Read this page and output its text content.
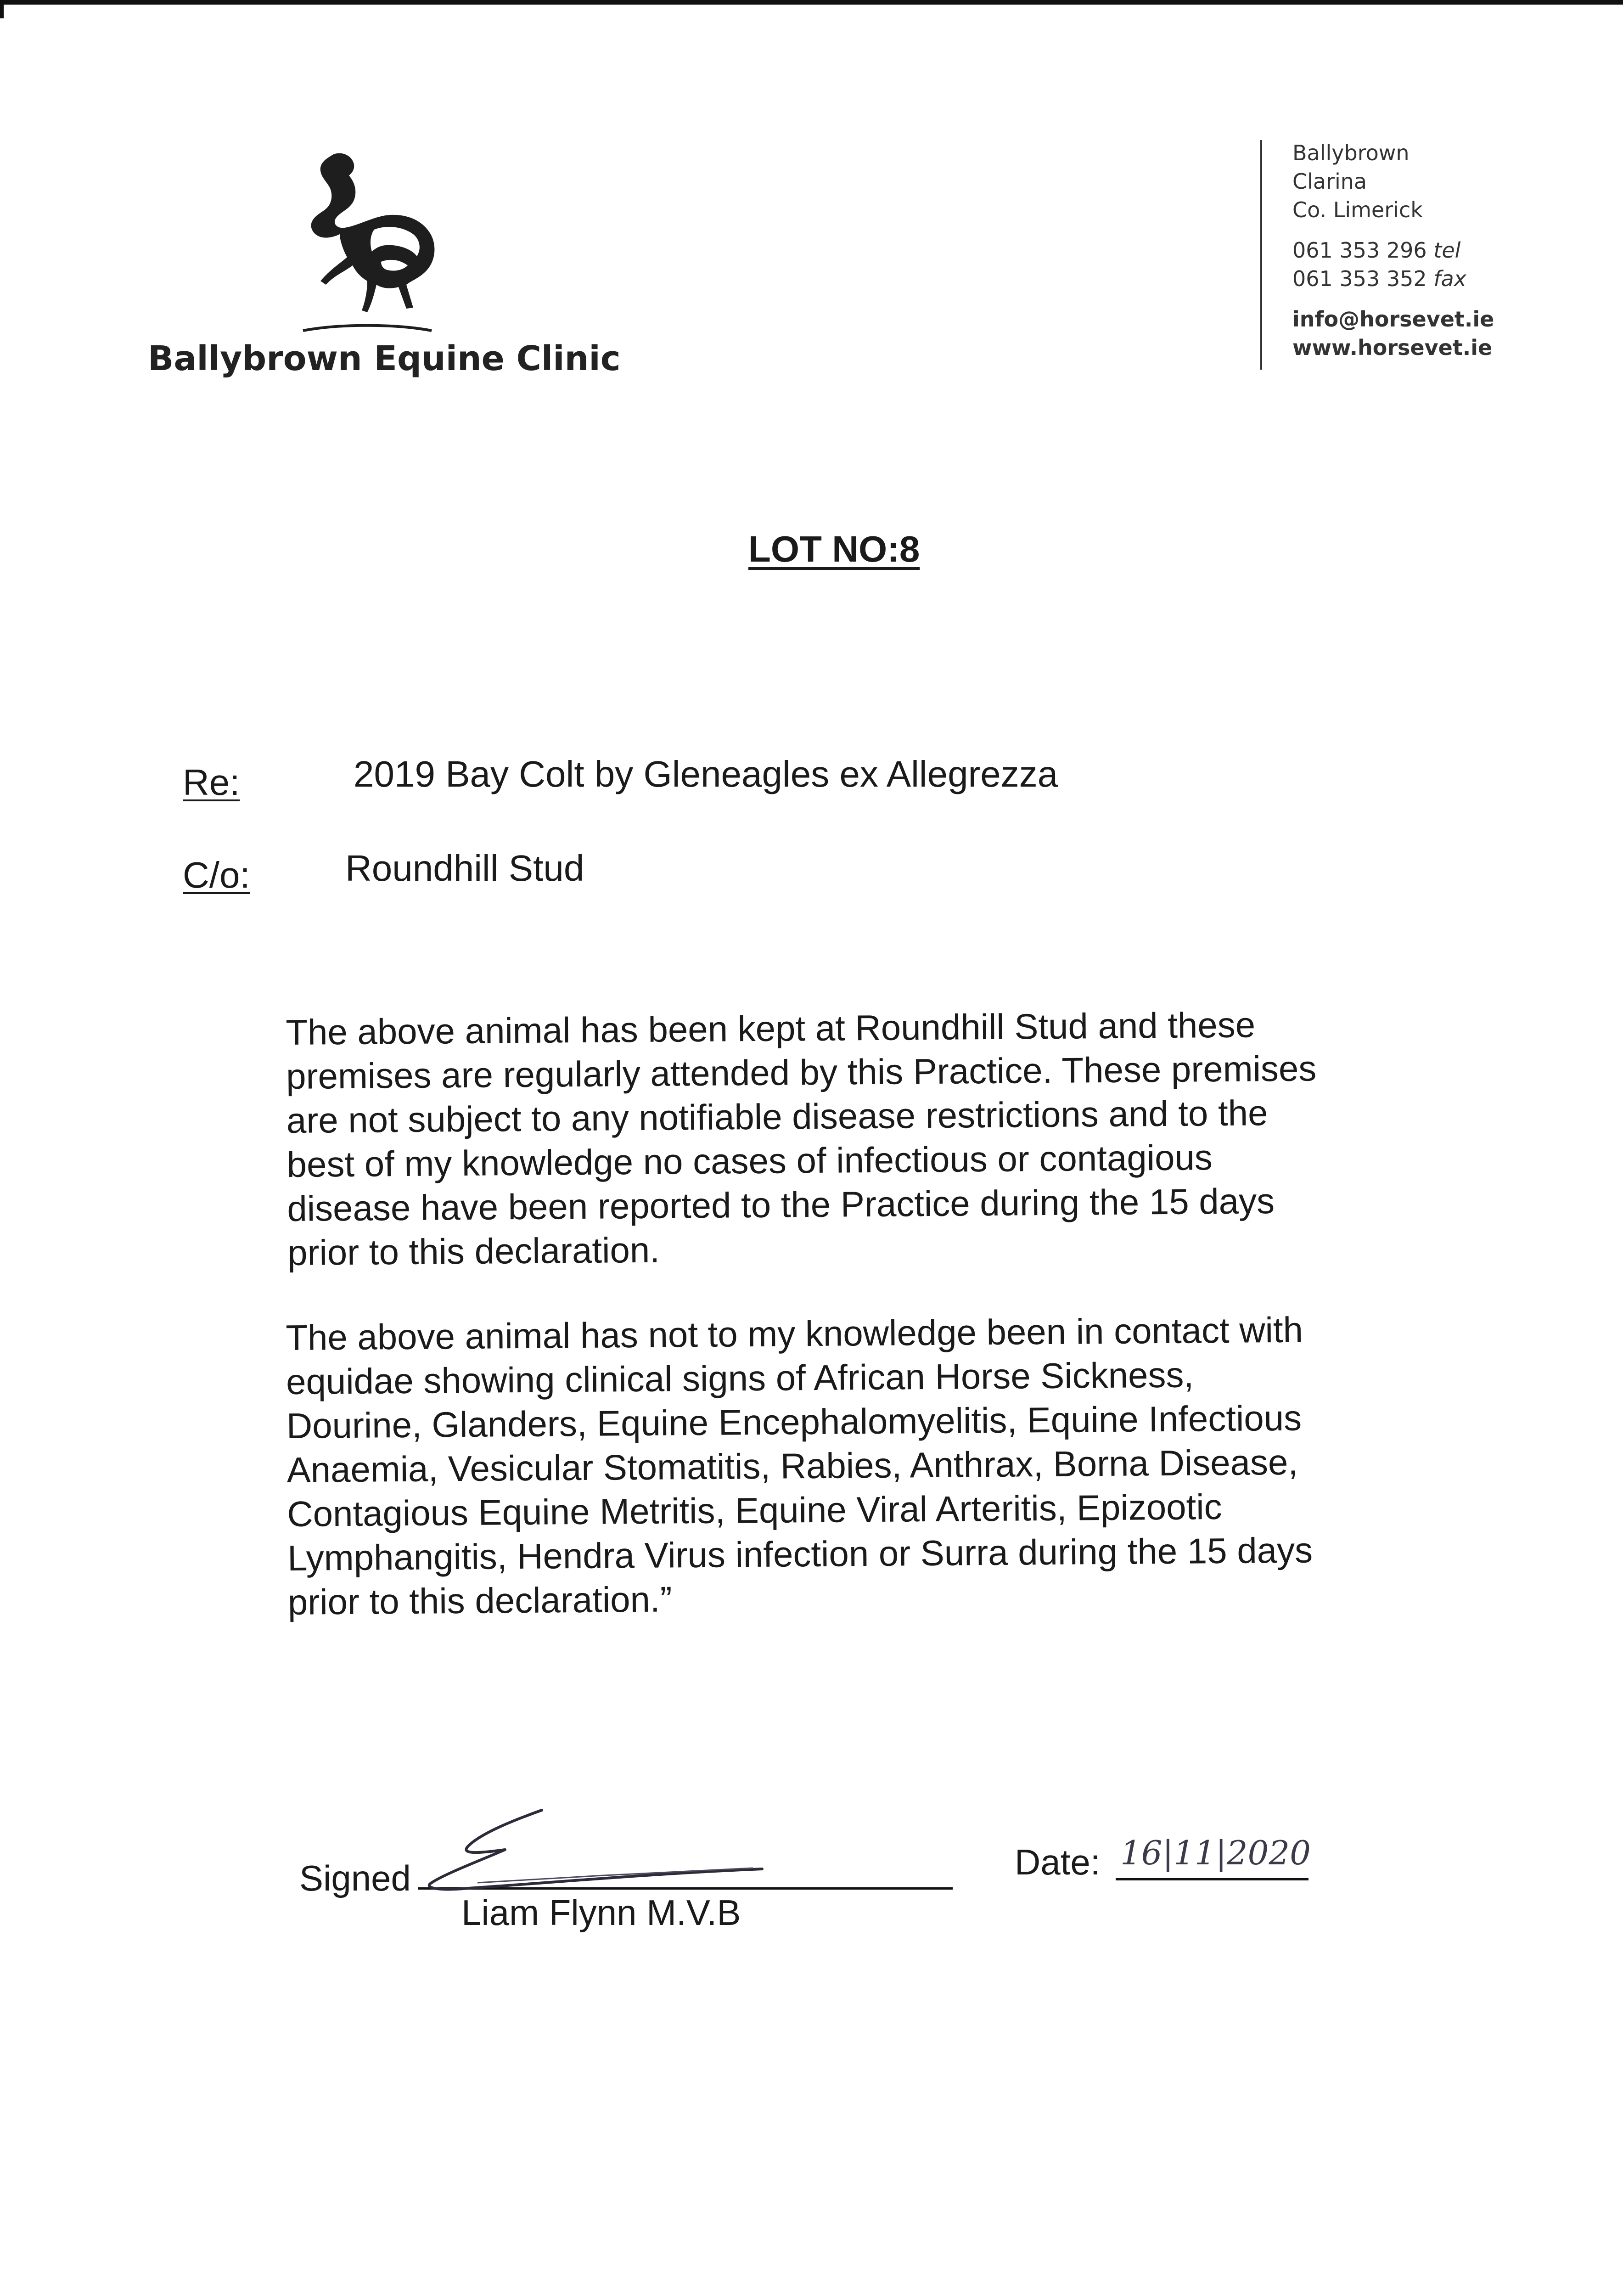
Ballybrown Equine Clinic
Ballybrown
Clarina
Co. Limerick
061 353 296 tel
061 353 352 fax
info@horsevet.ie
www.horsevet.ie
LOT NO:8
Re:	2019 Bay Colt by Gleneagles ex Allegrezza
C/o:	Roundhill Stud
The above animal has been kept at Roundhill Stud and these premises are regularly attended by this Practice. These premises are not subject to any notifiable disease restrictions and to the best of my knowledge no cases of infectious or contagious disease have been reported to the Practice during the 15 days prior to this declaration.
The above animal has not to my knowledge been in contact with equidae showing clinical signs of African Horse Sickness, Dourine, Glanders, Equine Encephalomyelitis, Equine Infectious Anaemia, Vesicular Stomatitis, Rabies, Anthrax, Borna Disease, Contagious Equine Metritis, Equine Viral Arteritis, Epizootic Lymphangitis, Hendra Virus infection or Surra during the 15 days prior to this declaration.”
Signed
Liam Flynn M.V.B
Date: 16|11|2020
